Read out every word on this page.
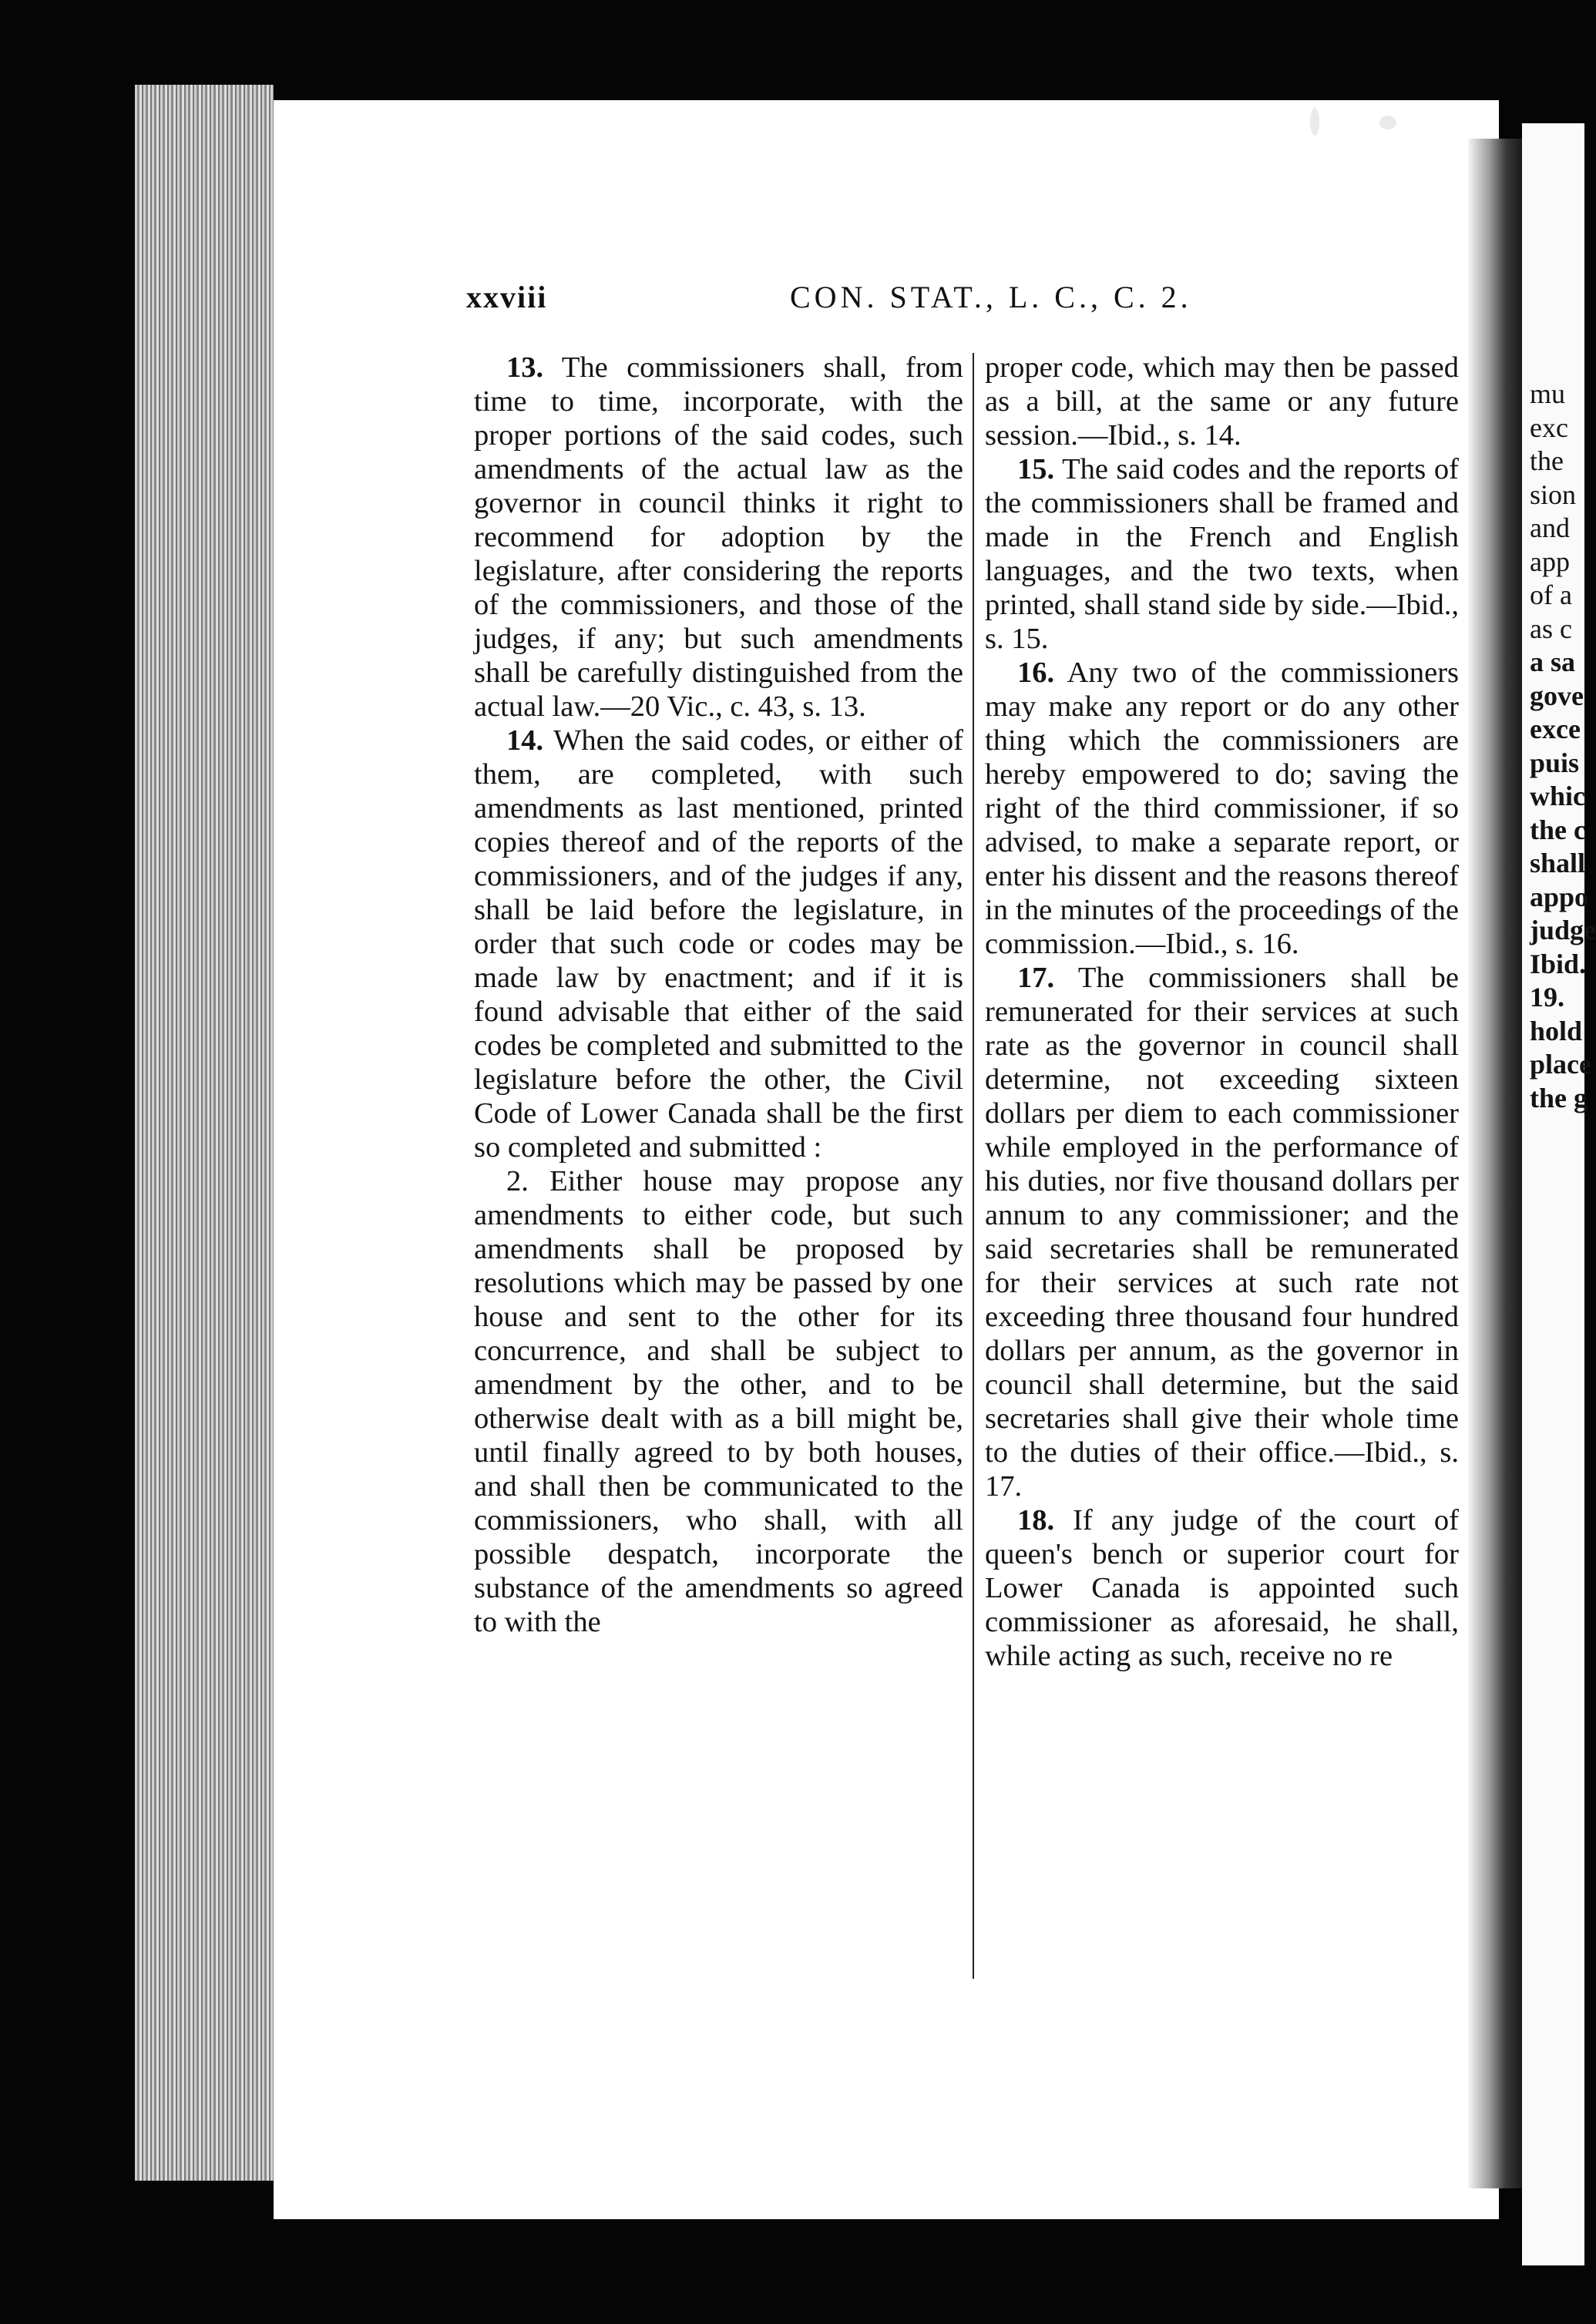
xxviii	CON. STAT., L. C., C. 2.

13. The commissioners shall, from time to time, incorporate, with the proper portions of the said codes, such amendments of the actual law as the governor in council thinks it right to recommend for adoption by the legislature, after considering the reports of the commissioners, and those of the judges, if any; but such amendments shall be carefully distinguished from the actual law.—20 Vic., c. 43, s. 13.

14. When the said codes, or either of them, are completed, with such amendments as last mentioned, printed copies thereof and of the reports of the commissioners, and of the judges if any, shall be laid before the legislature, in order that such code or codes may be made law by enactment; and if it is found advisable that either of the said codes be completed and submitted to the legislature before the other, the Civil Code of Lower Canada shall be the first so completed and submitted :

2. Either house may propose any amendments to either code, but such amendments shall be proposed by resolutions which may be passed by one house and sent to the other for its concurrence, and shall be subject to amendment by the other, and to be otherwise dealt with as a bill might be, until finally agreed to by both houses, and shall then be communicated to the commissioners, who shall, with all possible despatch, incorporate the substance of the amendments so agreed to with the

proper code, which may then be passed as a bill, at the same or any future session.—Ibid., s. 14.

15. The said codes and the reports of the commissioners shall be framed and made in the French and English languages, and the two texts, when printed, shall stand side by side.—Ibid., s. 15.

16. Any two of the commissioners may make any report or do any other thing which the commissioners are hereby empowered to do; saving the right of the third commissioner, if so advised, to make a separate report, or enter his dissent and the reasons thereof in the minutes of the proceedings of the commission.—Ibid., s. 16.

17. The commissioners shall be remunerated for their services at such rate as the governor in council shall determine, not exceeding sixteen dollars per diem to each commissioner while employed in the performance of his duties, nor five thousand dollars per annum to any commissioner; and the said secretaries shall be remunerated for their services at such rate not exceeding three thousand four hundred dollars per annum, as the governor in council shall determine, but the said secretaries shall give their whole time to the duties of their office.—Ibid., s. 17.

18. If any judge of the court of queen's bench or superior court for Lower Canada is appointed such commissioner as aforesaid, he shall, while acting as such, receive no re

mu
exc
the
sion
and
app
of a
as c
a sa
gove
exce
puis
whic
the c
shall
appo
judge
Ibid.
19.
hold
place
the g
